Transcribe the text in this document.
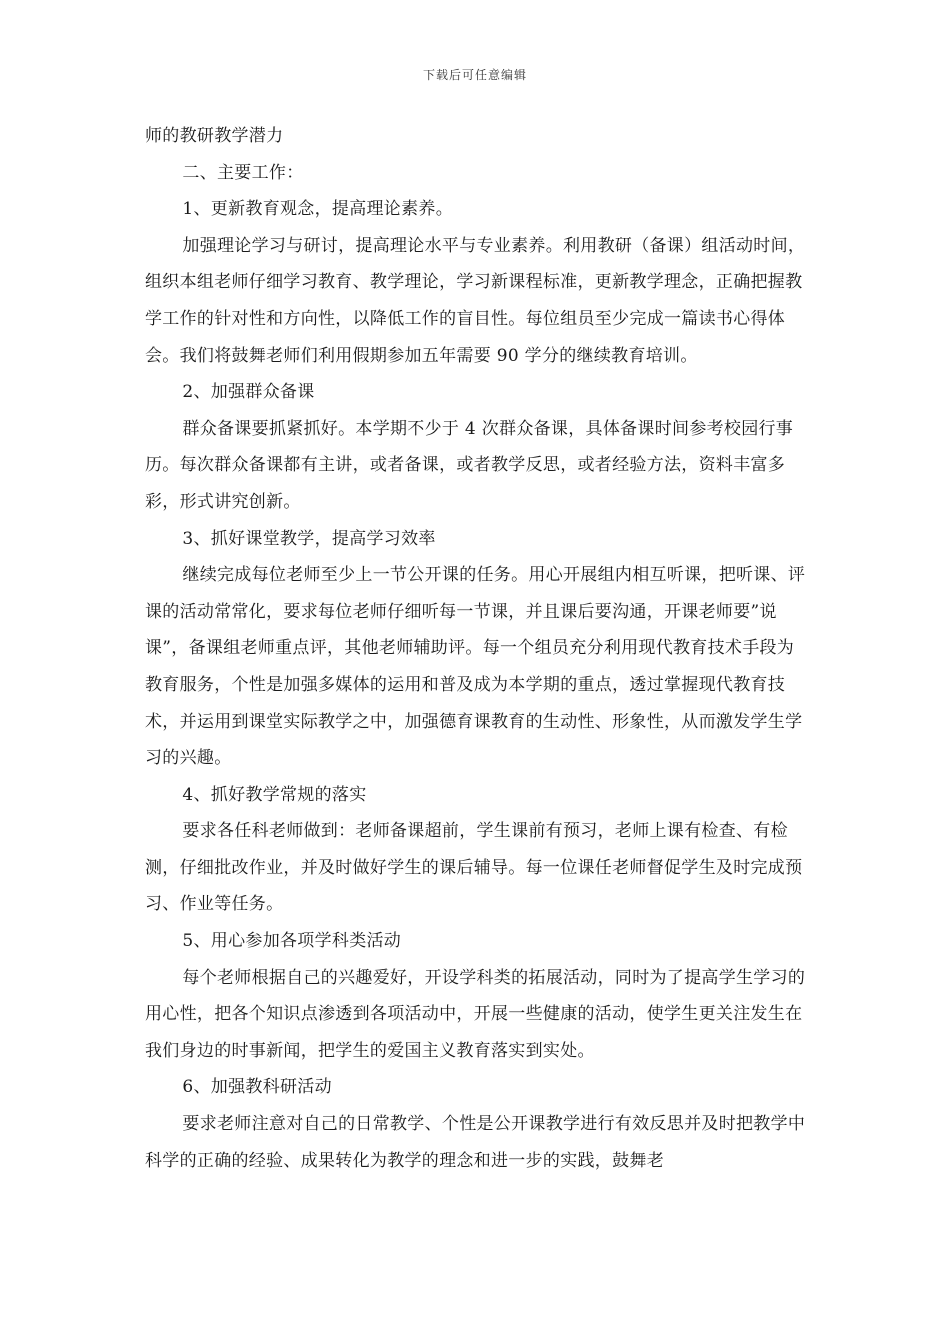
下载后可任意编辑

师的教研教学潜力

二、主要工作：

1、更新教育观念，提高理论素养。

加强理论学习与研讨，提高理论水平与专业素养。利用教研（备课）组活动时间，组织本组老师仔细学习教育、教学理论，学习新课程标准，更新教学理念，正确把握教学工作的针对性和方向性，以降低工作的盲目性。每位组员至少完成一篇读书心得体会。我们将鼓舞老师们利用假期参加五年需要 90 学分的继续教育培训。

2、加强群众备课

群众备课要抓紧抓好。本学期不少于 4 次群众备课，具体备课时间参考校园行事历。每次群众备课都有主讲，或者备课，或者教学反思，或者经验方法，资料丰富多彩，形式讲究创新。

3、抓好课堂教学，提高学习效率

继续完成每位老师至少上一节公开课的任务。用心开展组内相互听课，把听课、评课的活动常常化，要求每位老师仔细听每一节课，并且课后要沟通，开课老师要”说课”，备课组老师重点评，其他老师辅助评。每一个组员充分利用现代教育技术手段为教育服务，个性是加强多媒体的运用和普及成为本学期的重点，透过掌握现代教育技术，并运用到课堂实际教学之中，加强德育课教育的生动性、形象性，从而激发学生学习的兴趣。

4、抓好教学常规的落实

要求各任科老师做到：老师备课超前，学生课前有预习，老师上课有检查、有检测，仔细批改作业，并及时做好学生的课后辅导。每一位课任老师督促学生及时完成预习、作业等任务。

5、用心参加各项学科类活动

每个老师根据自己的兴趣爱好，开设学科类的拓展活动，同时为了提高学生学习的用心性，把各个知识点渗透到各项活动中，开展一些健康的活动，使学生更关注发生在我们身边的时事新闻，把学生的爱国主义教育落实到实处。

6、加强教科研活动

要求老师注意对自己的日常教学、个性是公开课教学进行有效反思并及时把教学中科学的正确的经验、成果转化为教学的理念和进一步的实践，鼓舞老
